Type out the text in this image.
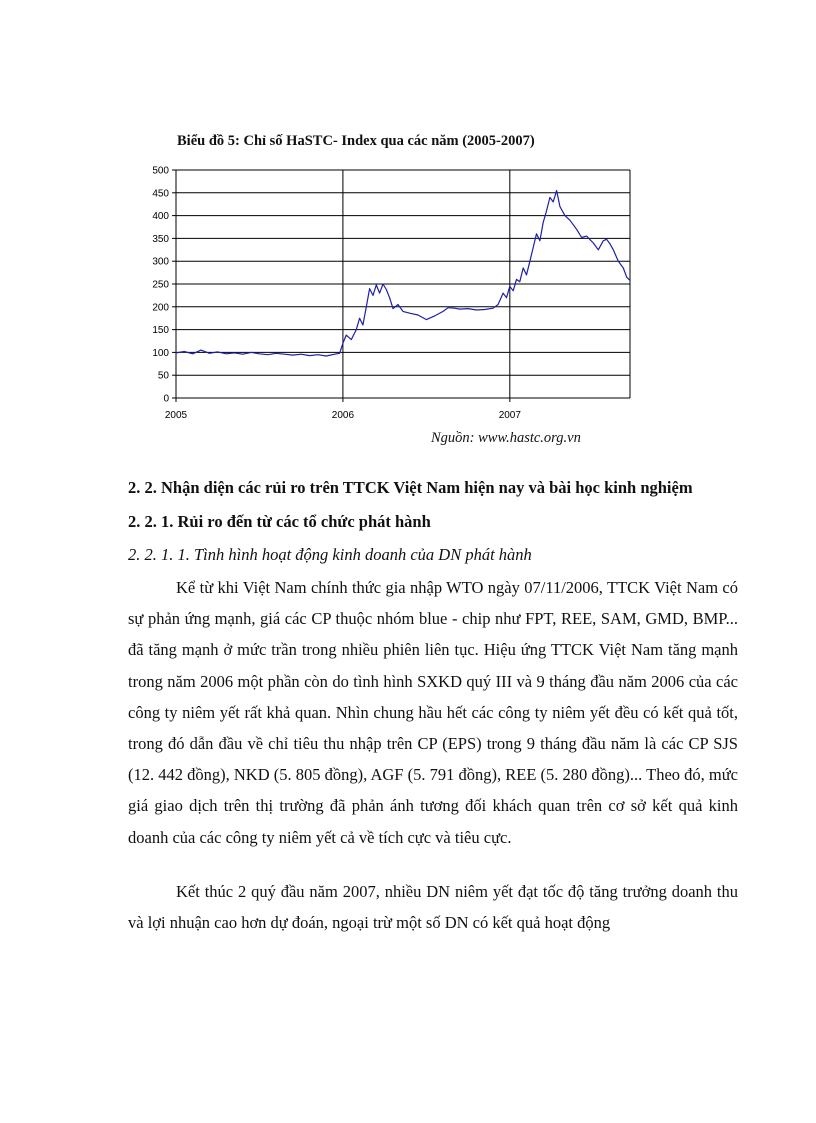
Biểu đồ 5: Chỉ số HaSTC- Index qua các năm (2005-2007)
0
50
100
150
200
250
300
350
400
450
500
2005	2006	2007
Nguồn: www.hastc.org.vn
2. 2. Nhận diện các rủi ro trên TTCK Việt Nam hiện nay và bài học kinh nghiệm
2. 2. 1. Rủi ro đến từ các tổ chức phát hành
2. 2. 1. 1. Tình hình hoạt động kinh doanh của DN phát hành

Kể từ khi Việt Nam chính thức gia nhập WTO ngày 07/11/2006, TTCK Việt Nam có sự phản ứng mạnh, giá các CP thuộc nhóm blue - chip như FPT, REE, SAM, GMD, BMP... đã tăng mạnh ở mức trần trong nhiều phiên liên tục. Hiệu ứng TTCK Việt Nam tăng mạnh trong năm 2006 một phần còn do tình hình SXKD quý III và 9 tháng đầu năm 2006 của các công ty niêm yết rất khả quan. Nhìn chung hầu hết các công ty niêm yết đều có kết quả tốt, trong đó dẫn đầu về chỉ tiêu thu nhập trên CP (EPS) trong 9 tháng đầu năm là các CP SJS (12. 442 đồng), NKD (5. 805 đồng), AGF (5. 791 đồng), REE (5. 280 đồng)... Theo đó, mức giá giao dịch trên thị trường đã phản ánh tương đối khách quan trên cơ sở kết quả kinh doanh của các công ty niêm yết cả về tích cực và tiêu cực.

Kết thúc 2 quý đầu năm 2007, nhiều DN niêm yết đạt tốc độ tăng trưởng doanh thu và lợi nhuận cao hơn dự đoán, ngoại trừ một số DN có kết quả hoạt động
